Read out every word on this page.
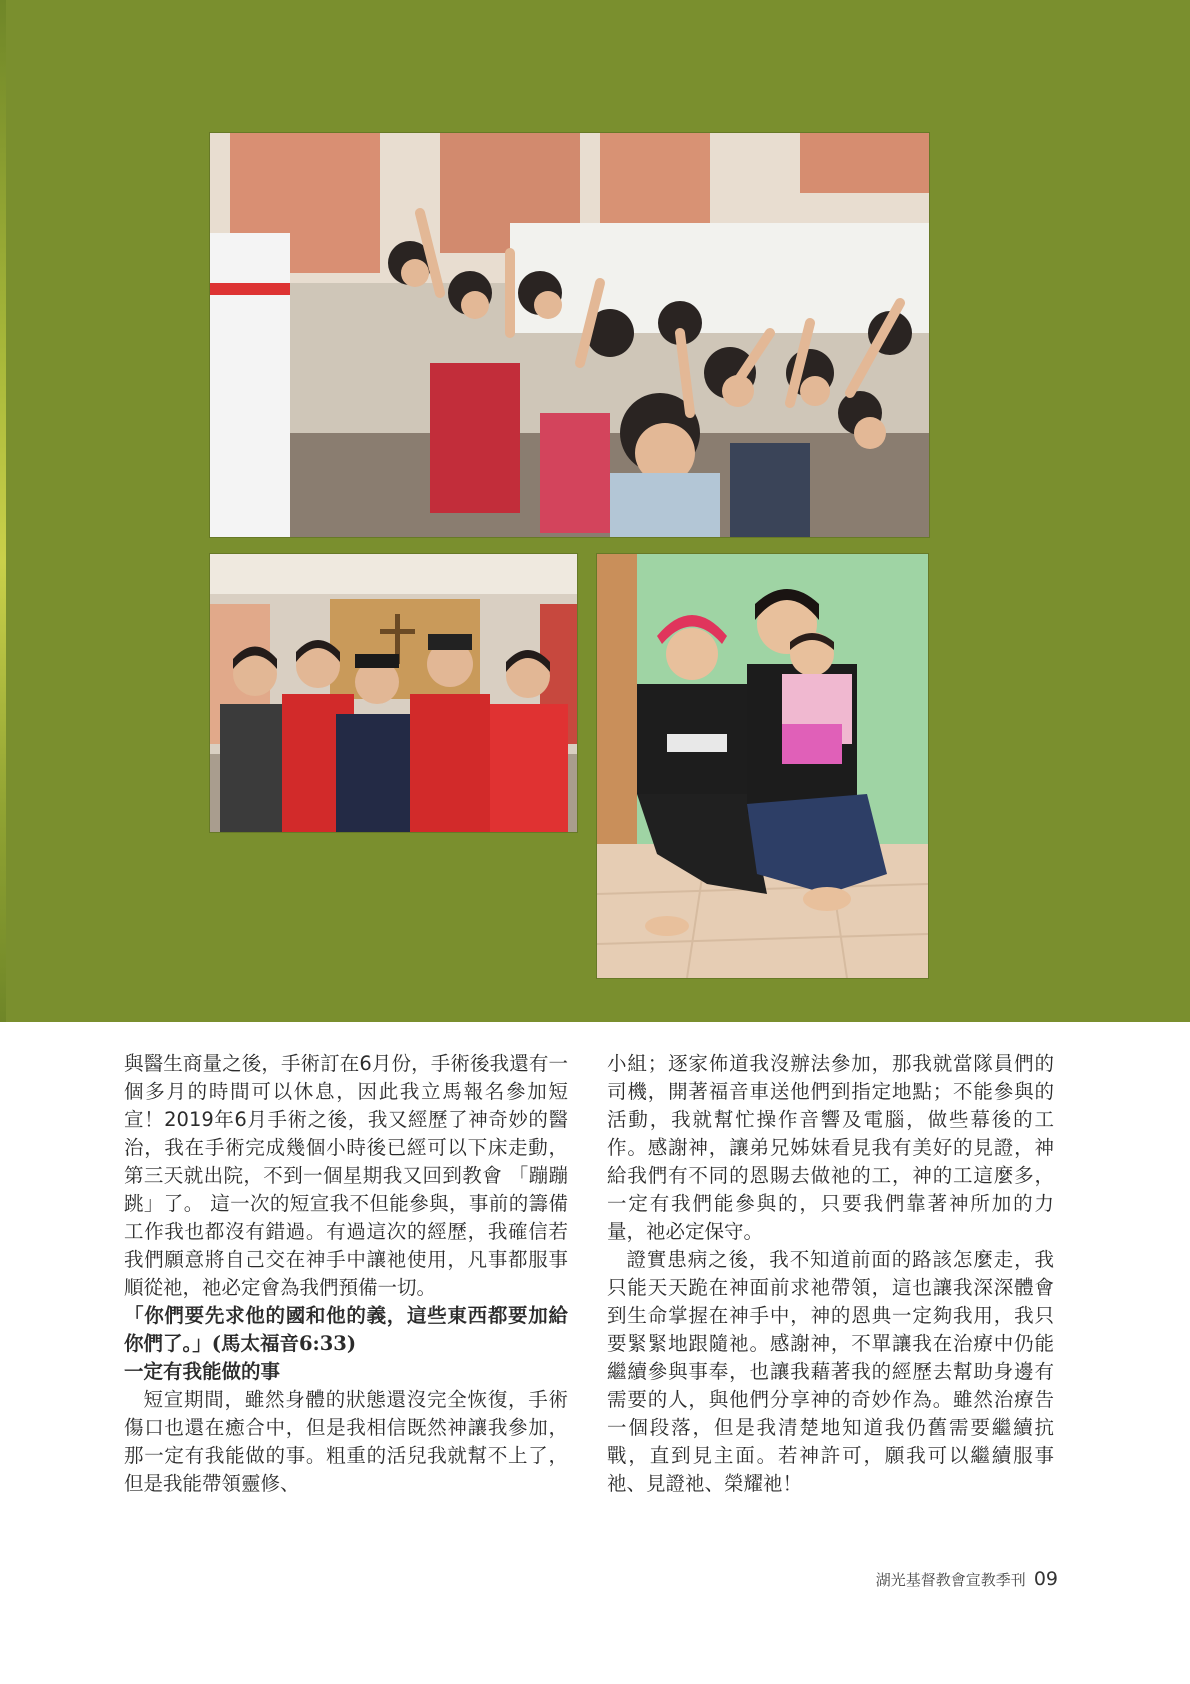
與醫生商量之後，手術訂在6月份，手術後我還有一個多月的時間可以休息，因此我立馬報名參加短宣！2019年6月手術之後，我又經歷了神奇妙的醫治，我在手術完成幾個小時後已經可以下床走動，第三天就出院，不到一個星期我又回到教會 「蹦蹦跳」了。 這一次的短宣我不但能參與，事前的籌備工作我也都沒有錯過。有過這次的經歷，我確信若我們願意將自己交在神手中讓祂使用，凡事都服事順從祂，祂必定會為我們預備一切。

「你們要先求他的國和他的義，這些東西都要加給你們了。」(馬太福音6:33)

一定有我能做的事

短宣期間，雖然身體的狀態還沒完全恢復，手術傷口也還在癒合中，但是我相信既然神讓我參加，那一定有我能做的事。粗重的活兒我就幫不上了，但是我能帶領靈修、

小組；逐家佈道我沒辦法參加，那我就當隊員們的司機，開著福音車送他們到指定地點；不能參與的活動，我就幫忙操作音響及電腦，做些幕後的工作。感謝神，讓弟兄姊妹看見我有美好的見證，神給我們有不同的恩賜去做祂的工，神的工這麼多，一定有我們能參與的，只要我們靠著神所加的力量，祂必定保守。

證實患病之後，我不知道前面的路該怎麼走，我只能天天跪在神面前求祂帶領，這也讓我深深體會到生命掌握在神手中，神的恩典一定夠我用，我只要緊緊地跟隨祂。感謝神，不單讓我在治療中仍能繼續參與事奉，也讓我藉著我的經歷去幫助身邊有需要的人，與他們分享神的奇妙作為。雖然治療告一個段落，但是我清楚地知道我仍舊需要繼續抗戰，直到見主面。若神許可，願我可以繼續服事祂、見證祂、榮耀祂！

湖光基督教會宣教季刊 09
